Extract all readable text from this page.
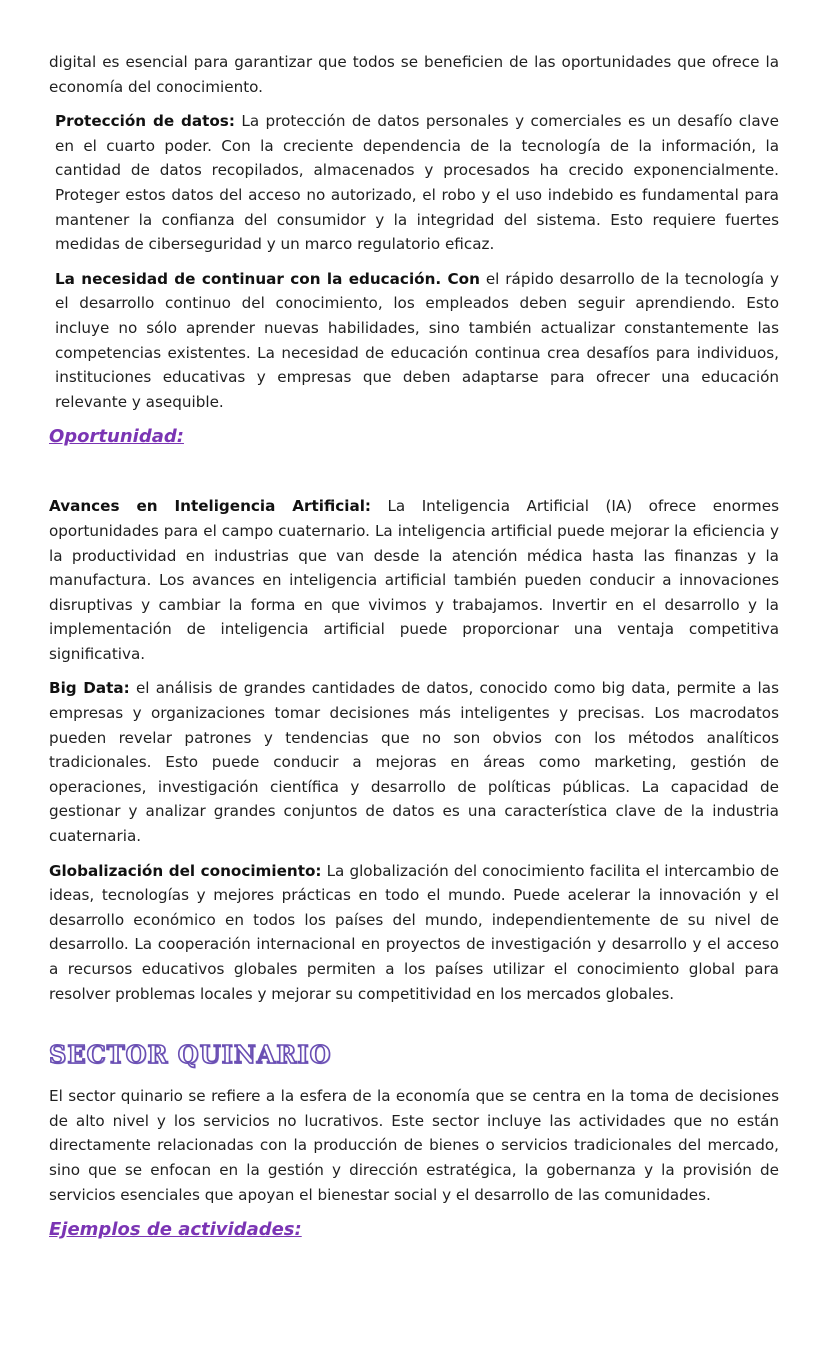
digital es esencial para garantizar que todos se beneficien de las oportunidades que ofrece la economía del conocimiento.

Protección de datos: La protección de datos personales y comerciales es un desafío clave en el cuarto poder. Con la creciente dependencia de la tecnología de la información, la cantidad de datos recopilados, almacenados y procesados ha crecido exponencialmente. Proteger estos datos del acceso no autorizado, el robo y el uso indebido es fundamental para mantener la confianza del consumidor y la integridad del sistema. Esto requiere fuertes medidas de ciberseguridad y un marco regulatorio eficaz.

La necesidad de continuar con la educación. Con el rápido desarrollo de la tecnología y el desarrollo continuo del conocimiento, los empleados deben seguir aprendiendo. Esto incluye no sólo aprender nuevas habilidades, sino también actualizar constantemente las competencias existentes. La necesidad de educación continua crea desafíos para individuos, instituciones educativas y empresas que deben adaptarse para ofrecer una educación relevante y asequible.

Oportunidad:

Avances en Inteligencia Artificial: La Inteligencia Artificial (IA) ofrece enormes oportunidades para el campo cuaternario. La inteligencia artificial puede mejorar la eficiencia y la productividad en industrias que van desde la atención médica hasta las finanzas y la manufactura. Los avances en inteligencia artificial también pueden conducir a innovaciones disruptivas y cambiar la forma en que vivimos y trabajamos. Invertir en el desarrollo y la implementación de inteligencia artificial puede proporcionar una ventaja competitiva significativa.

Big Data: el análisis de grandes cantidades de datos, conocido como big data, permite a las empresas y organizaciones tomar decisiones más inteligentes y precisas. Los macrodatos pueden revelar patrones y tendencias que no son obvios con los métodos analíticos tradicionales. Esto puede conducir a mejoras en áreas como marketing, gestión de operaciones, investigación científica y desarrollo de políticas públicas. La capacidad de gestionar y analizar grandes conjuntos de datos es una característica clave de la industria cuaternaria.

Globalización del conocimiento: La globalización del conocimiento facilita el intercambio de ideas, tecnologías y mejores prácticas en todo el mundo. Puede acelerar la innovación y el desarrollo económico en todos los países del mundo, independientemente de su nivel de desarrollo. La cooperación internacional en proyectos de investigación y desarrollo y el acceso a recursos educativos globales permiten a los países utilizar el conocimiento global para resolver problemas locales y mejorar su competitividad en los mercados globales.

SECTOR QUINARIO

El sector quinario se refiere a la esfera de la economía que se centra en la toma de decisiones de alto nivel y los servicios no lucrativos. Este sector incluye las actividades que no están directamente relacionadas con la producción de bienes o servicios tradicionales del mercado, sino que se enfocan en la gestión y dirección estratégica, la gobernanza y la provisión de servicios esenciales que apoyan el bienestar social y el desarrollo de las comunidades.

Ejemplos de actividades:
